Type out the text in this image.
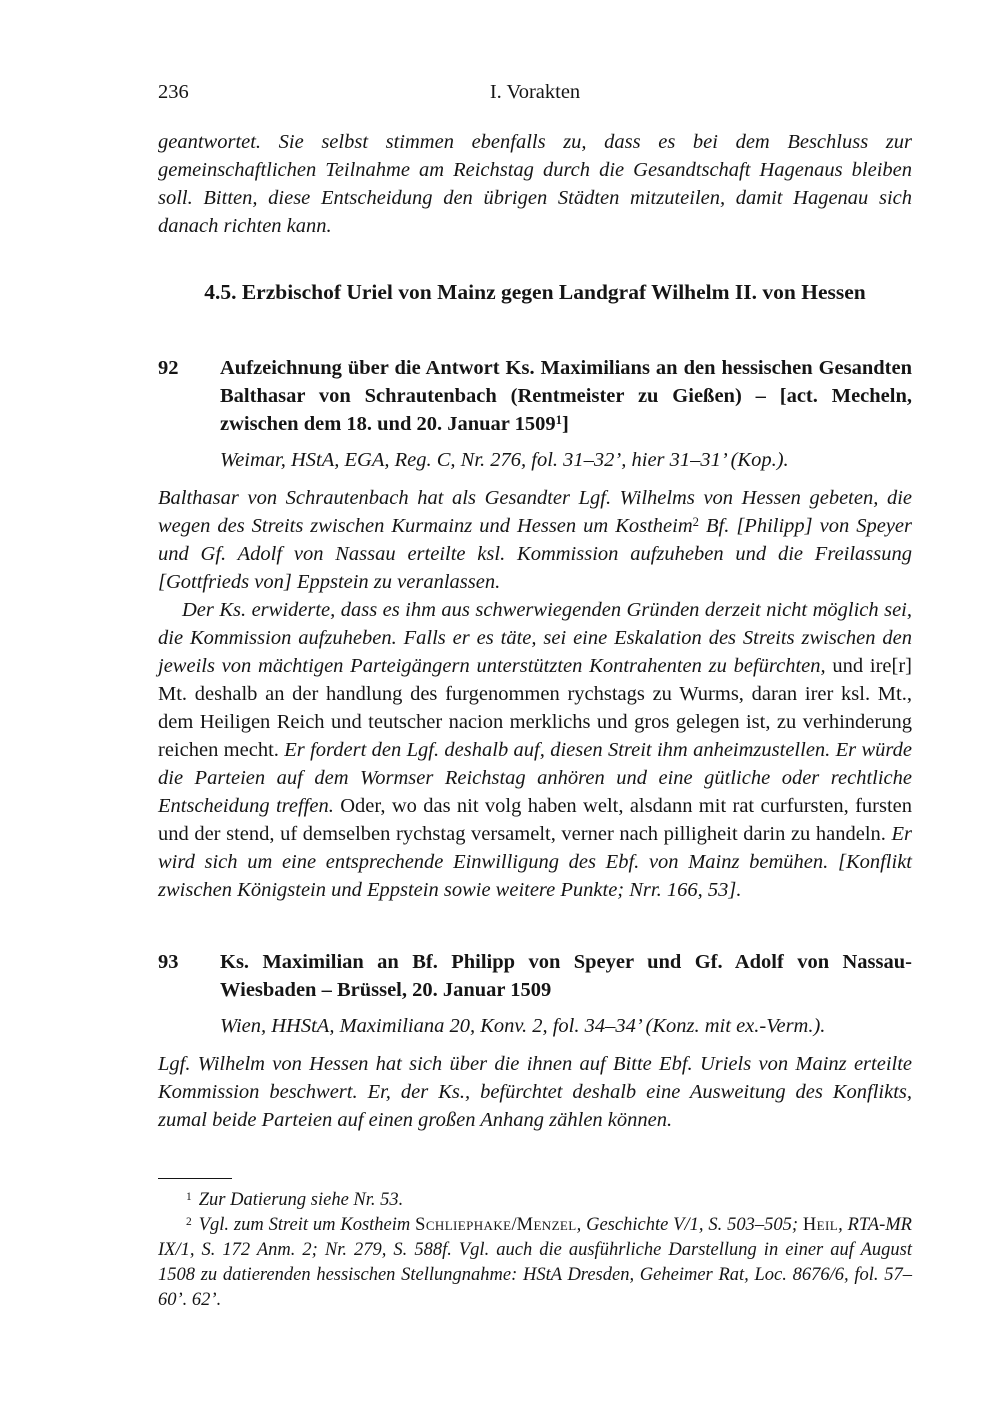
236	I. Vorakten

geantwortet. Sie selbst stimmen ebenfalls zu, dass es bei dem Beschluss zur gemeinschaftlichen Teilnahme am Reichstag durch die Gesandtschaft Hagenaus bleiben soll. Bitten, diese Entscheidung den übrigen Städten mitzuteilen, damit Hagenau sich danach richten kann.

4.5. Erzbischof Uriel von Mainz gegen Landgraf Wilhelm II. von Hessen
92	Aufzeichnung über die Antwort Ks. Maximilians an den hessischen Gesandten Balthasar von Schrautenbach (Rentmeister zu Gießen) – [act. Mecheln, zwischen dem 18. und 20. Januar 1509$^1$]

Weimar, HStA, EGA, Reg. C, Nr. 276, fol. 31–32’, hier 31–31’ (Kop.).

Balthasar von Schrautenbach hat als Gesandter Lgf. Wilhelms von Hessen gebeten, die wegen des Streits zwischen Kurmainz und Hessen um Kostheim$^2$ Bf. [Philipp] von Speyer und Gf. Adolf von Nassau erteilte ksl. Kommission aufzuheben und die Freilassung [Gottfrieds von] Eppstein zu veranlassen.

Der Ks. erwiderte, dass es ihm aus schwerwiegenden Gründen derzeit nicht möglich sei, die Kommission aufzuheben. Falls er es täte, sei eine Eskalation des Streits zwischen den jeweils von mächtigen Parteigängern unterstützten Kontrahenten zu befürchten, und ire[r] Mt. deshalb an der handlung des furgenommen rychstags zu Wurms, daran irer ksl. Mt., dem Heiligen Reich und teutscher nacion merklichs und gros gelegen ist, zu verhinderung reichen mecht. Er fordert den Lgf. deshalb auf, diesen Streit ihm anheimzustellen. Er würde die Parteien auf dem Wormser Reichstag anhören und eine gütliche oder rechtliche Entscheidung treffen. Oder, wo das nit volg haben welt, alsdann mit rat curfursten, fursten und der stend, uf demselben rychstag versamelt, verner nach pilligheit darin zu handeln. Er wird sich um eine entsprechende Einwilligung des Ebf. von Mainz bemühen. [Konflikt zwischen Königstein und Eppstein sowie weitere Punkte; Nrr. 166, 53].

93	Ks. Maximilian an Bf. Philipp von Speyer und Gf. Adolf von Nassau-Wiesbaden – Brüssel, 20. Januar 1509

Wien, HHStA, Maximiliana 20, Konv. 2, fol. 34–34’ (Konz. mit ex.-Verm.).

Lgf. Wilhelm von Hessen hat sich über die ihnen auf Bitte Ebf. Uriels von Mainz erteilte Kommission beschwert. Er, der Ks., befürchtet deshalb eine Ausweitung des Konflikts, zumal beide Parteien auf einen großen Anhang zählen können.

$^1$ Zur Datierung siehe Nr. 53.

$^2$ Vgl. zum Streit um Kostheim Schliephake/Menzel, Geschichte V/1, S. 503–505; Heil, RTA-MR IX/1, S. 172 Anm. 2; Nr. 279, S. 588f. Vgl. auch die ausführliche Darstellung in einer auf August 1508 zu datierenden hessischen Stellungnahme: HStA Dresden, Geheimer Rat, Loc. 8676/6, fol. 57–60’. 62’.
